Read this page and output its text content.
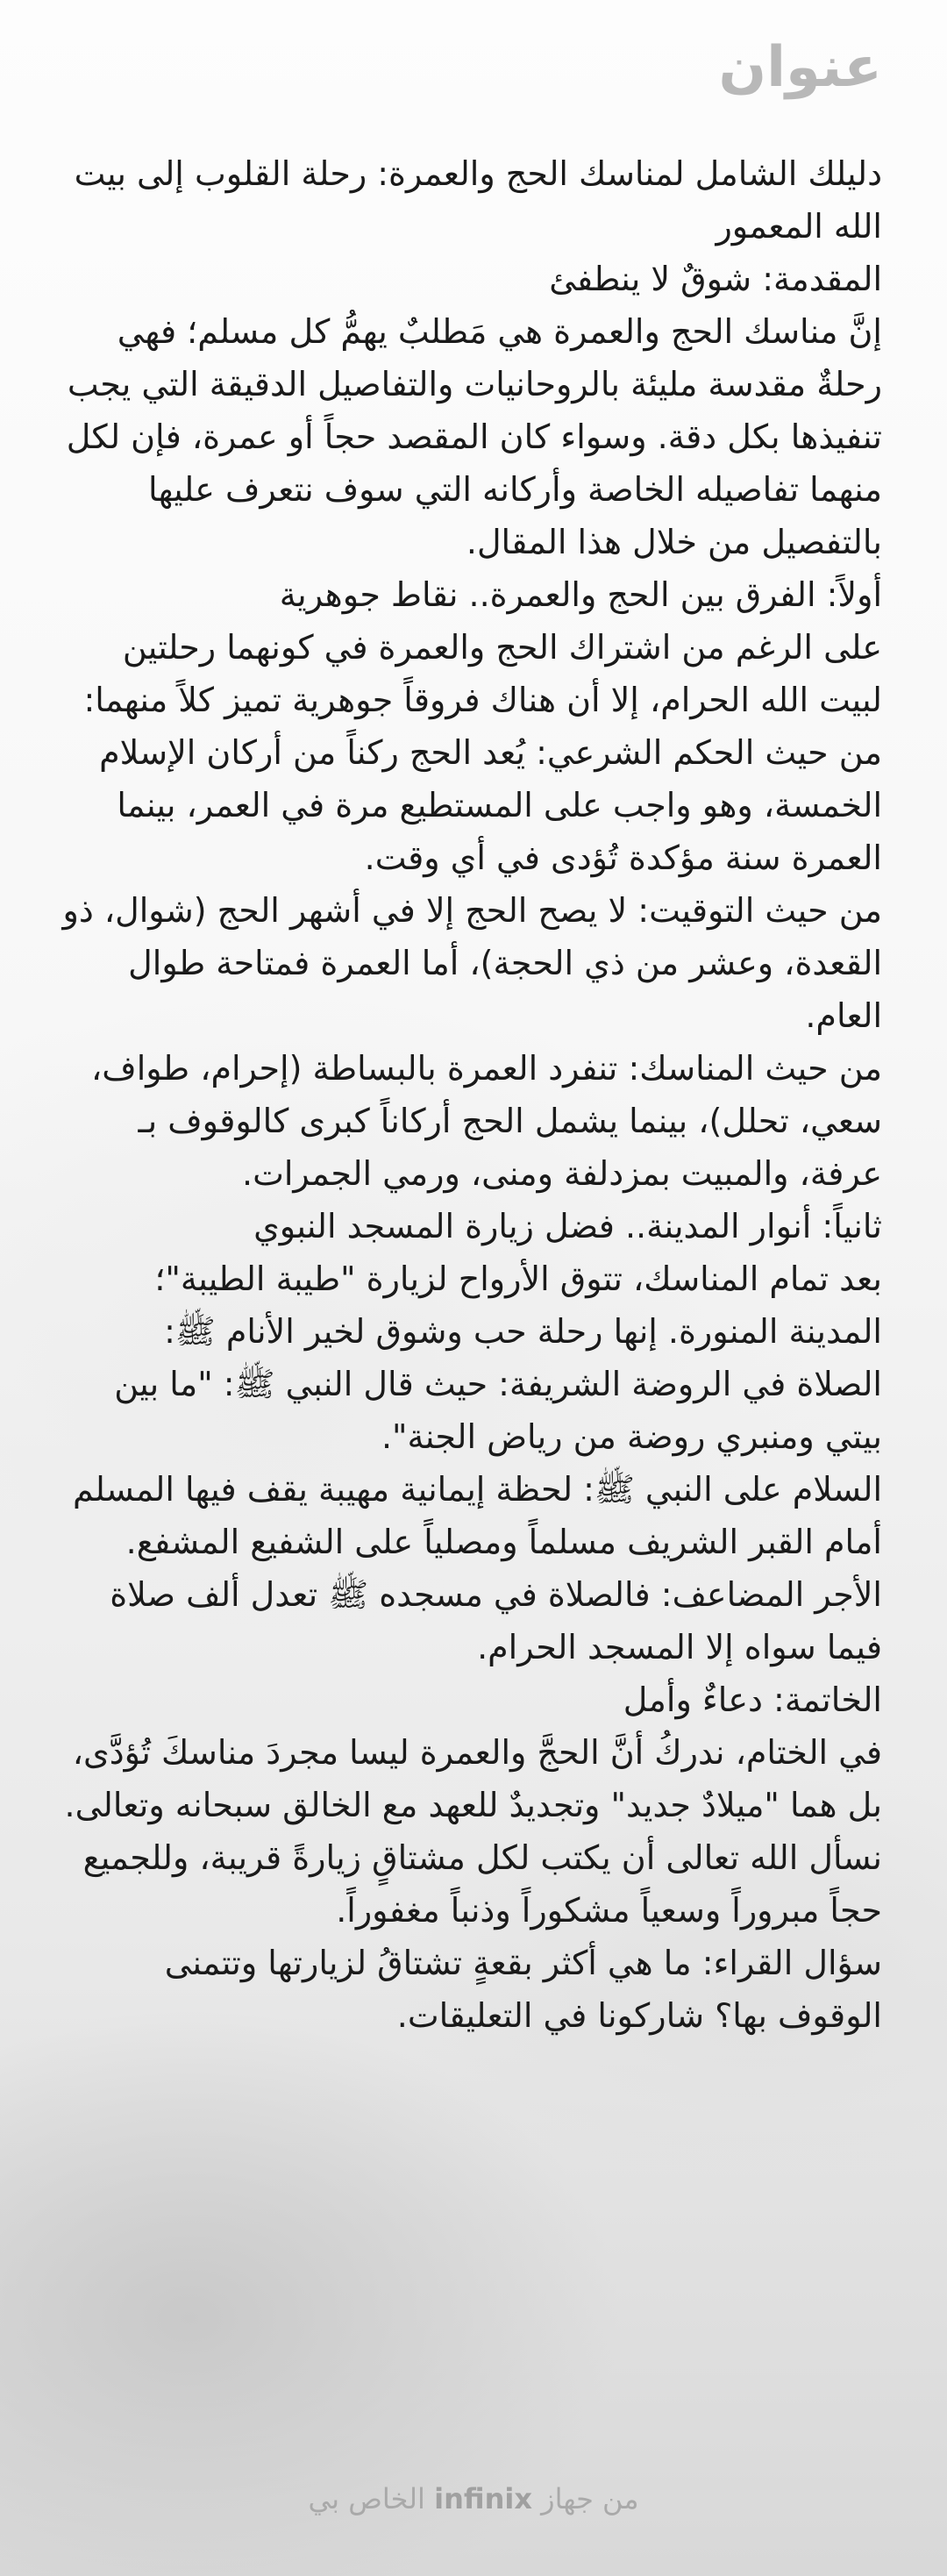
عنوان

دليلك الشامل لمناسك الحج والعمرة: رحلة القلوب إلى بيت الله المعمور

المقدمة: شوقٌ لا ينطفئ

إنَّ مناسك الحج والعمرة هي مَطلبٌ يهمُّ كل مسلم؛ فهي رحلةٌ مقدسة مليئة بالروحانيات والتفاصيل الدقيقة التي يجب تنفيذها بكل دقة. وسواء كان المقصد حجاً أو عمرة، فإن لكل منهما تفاصيله الخاصة وأركانه التي سوف نتعرف عليها بالتفصيل من خلال هذا المقال.

أولاً: الفرق بين الحج والعمرة.. نقاط جوهرية

على الرغم من اشتراك الحج والعمرة في كونهما رحلتين لبيت الله الحرام، إلا أن هناك فروقاً جوهرية تميز كلاً منهما:

من حيث الحكم الشرعي: يُعد الحج ركناً من أركان الإسلام الخمسة، وهو واجب على المستطيع مرة في العمر، بينما العمرة سنة مؤكدة تُؤدى في أي وقت.

من حيث التوقيت: لا يصح الحج إلا في أشهر الحج (شوال، ذو القعدة، وعشر من ذي الحجة)، أما العمرة فمتاحة طوال العام.

من حيث المناسك: تنفرد العمرة بالبساطة (إحرام، طواف، سعي، تحلل)، بينما يشمل الحج أركاناً كبرى كالوقوف بـ عرفة، والمبيت بمزدلفة ومنى، ورمي الجمرات.

ثانياً: أنوار المدينة.. فضل زيارة المسجد النبوي

بعد تمام المناسك، تتوق الأرواح لزيارة "طيبة الطيبة"؛ المدينة المنورة. إنها رحلة حب وشوق لخير الأنام ﷺ:

الصلاة في الروضة الشريفة: حيث قال النبي ﷺ: "ما بين بيتي ومنبري روضة من رياض الجنة".

السلام على النبي ﷺ: لحظة إيمانية مهيبة يقف فيها المسلم أمام القبر الشريف مسلماً ومصلياً على الشفيع المشفع.

الأجر المضاعف: فالصلاة في مسجده ﷺ تعدل ألف صلاة فيما سواه إلا المسجد الحرام.

الخاتمة: دعاءٌ وأمل

في الختام، ندركُ أنَّ الحجَّ والعمرة ليسا مجردَ مناسكَ تُؤدَّى، بل هما "ميلادٌ جديد" وتجديدٌ للعهد مع الخالق سبحانه وتعالى.

نسأل الله تعالى أن يكتب لكل مشتاقٍ زيارةً قريبة، وللجميع حجاً مبروراً وسعياً مشكوراً وذنباً مغفوراً.

سؤال القراء: ما هي أكثر بقعةٍ تشتاقُ لزيارتها وتتمنى الوقوف بها؟ شاركونا في التعليقات.

من جهاز infinix الخاص بي
